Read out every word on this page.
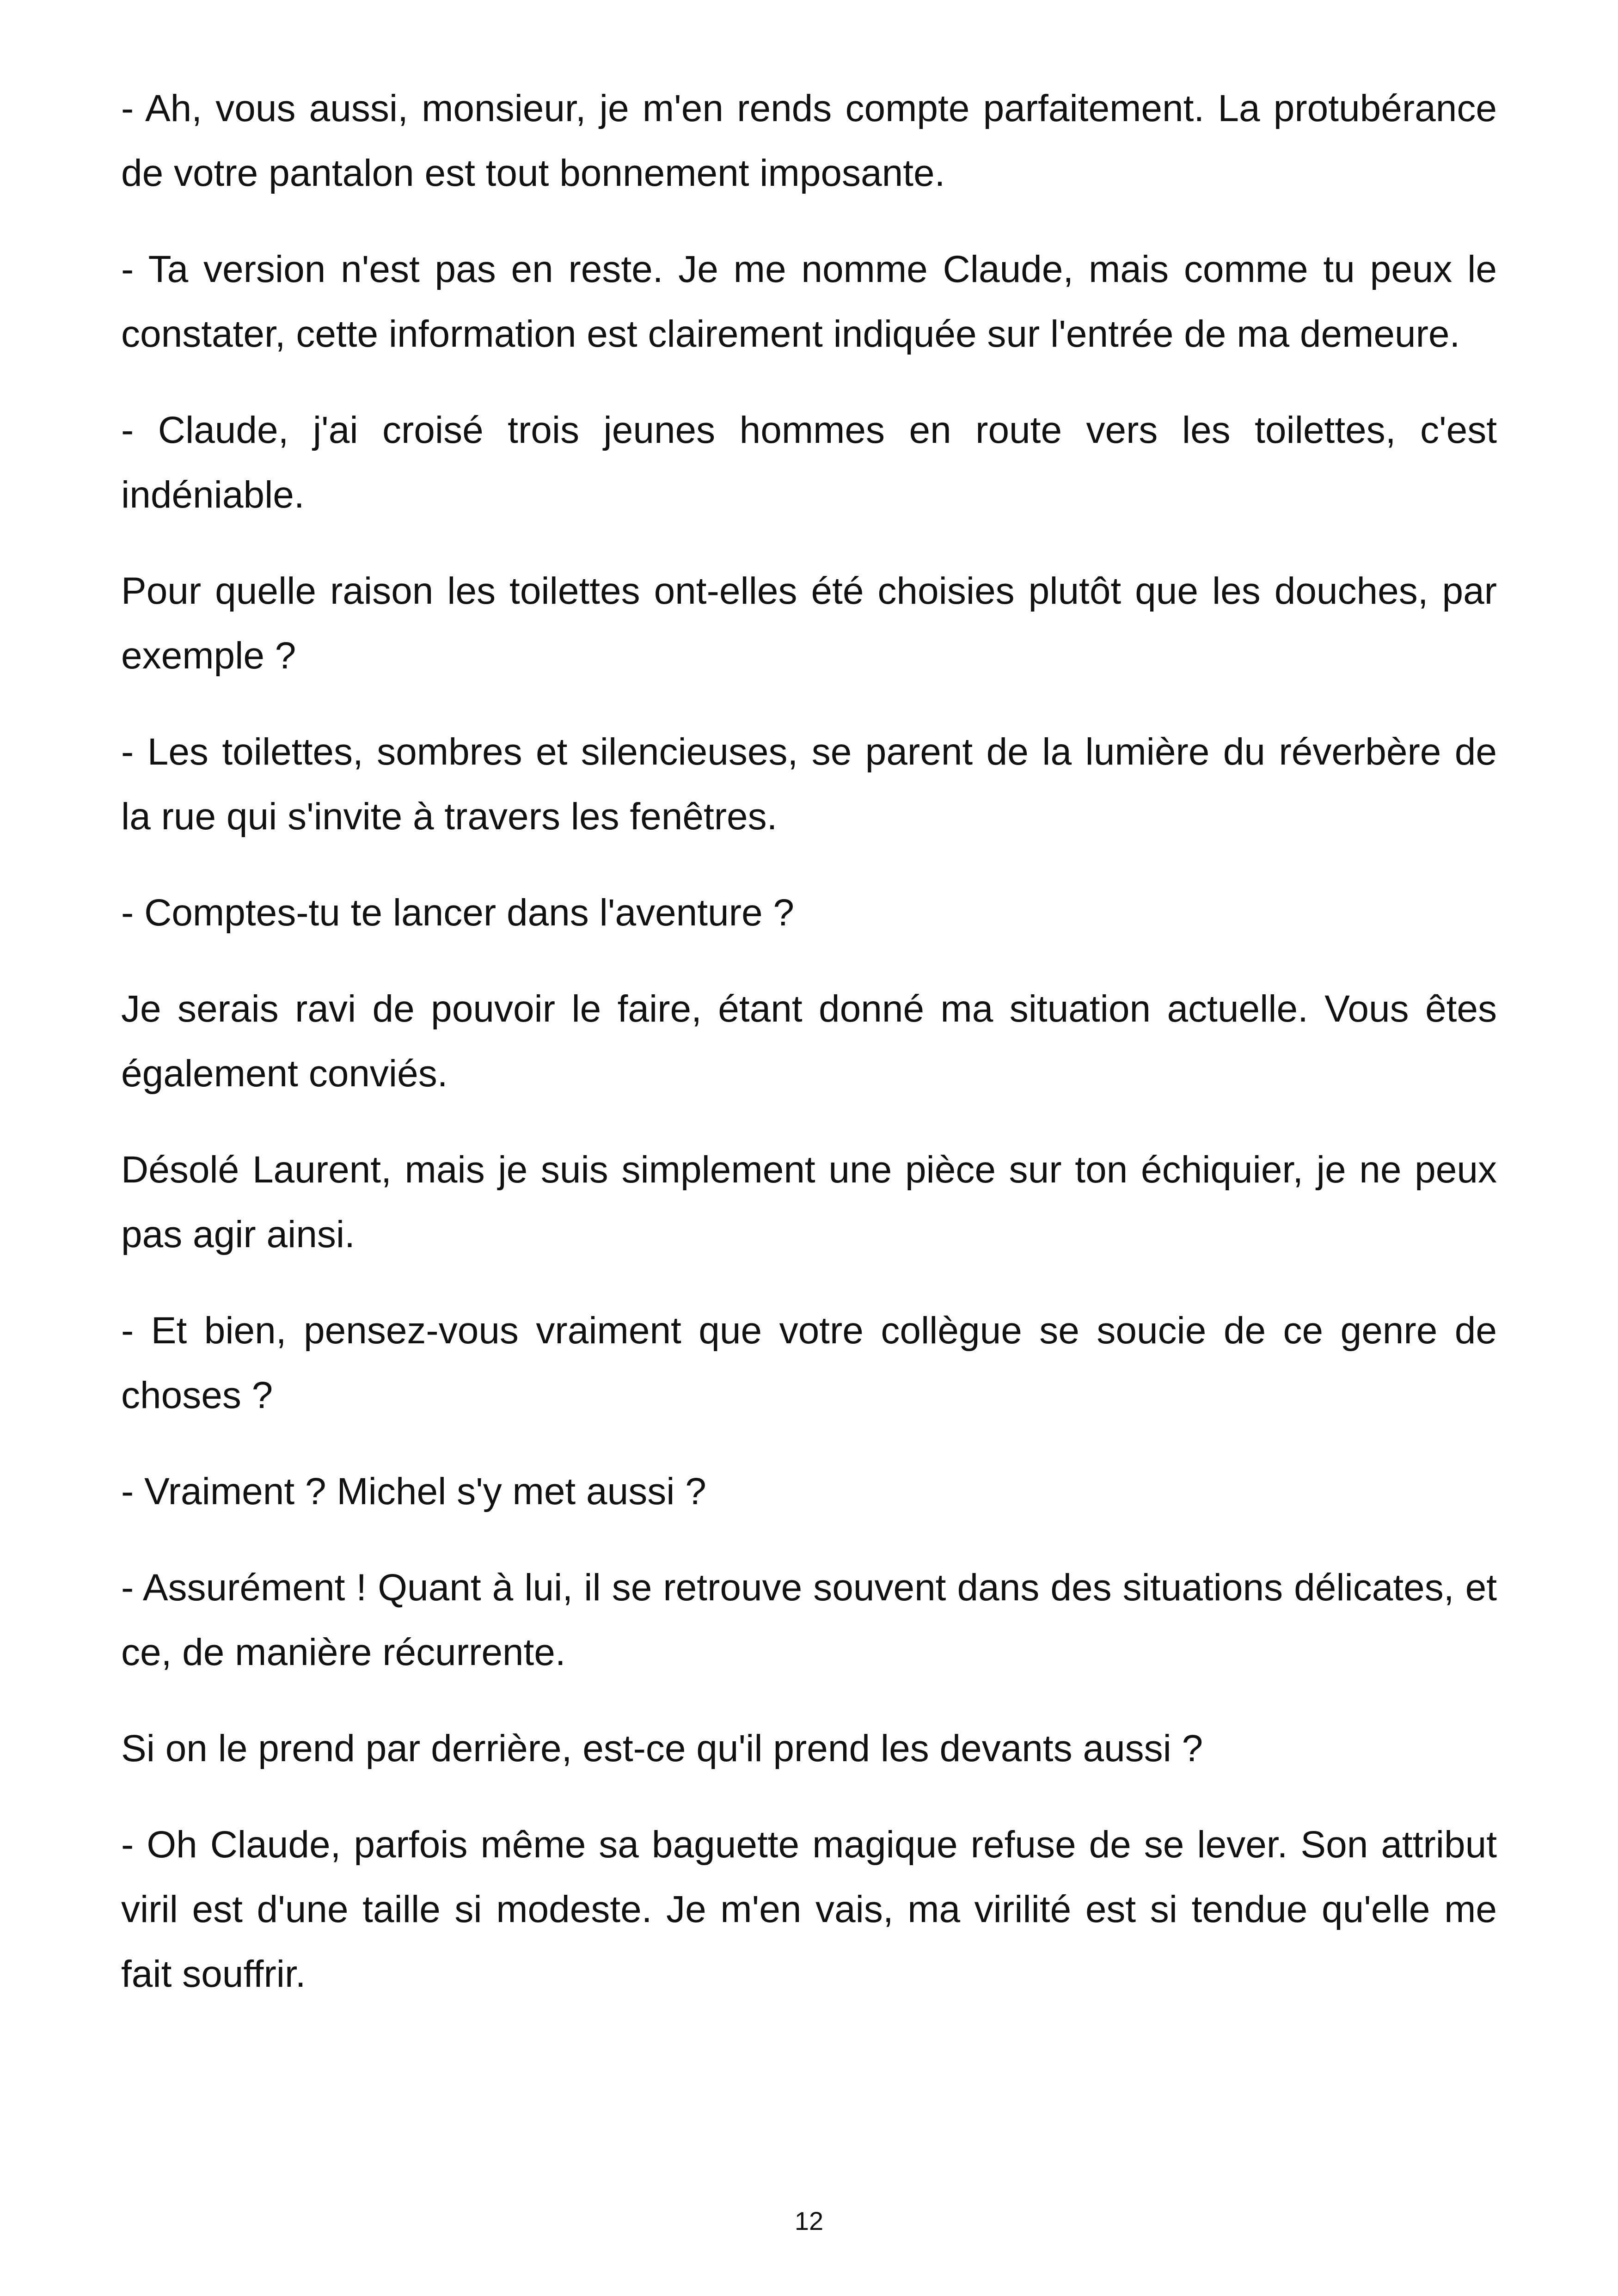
- Ah, vous aussi, monsieur, je m'en rends compte parfaitement. La protubérance de votre pantalon est tout bonnement imposante.

- Ta version n'est pas en reste. Je me nomme Claude, mais comme tu peux le constater, cette information est clairement indiquée sur l'entrée de ma demeure.

- Claude, j'ai croisé trois jeunes hommes en route vers les toilettes, c'est indéniable.

Pour quelle raison les toilettes ont-elles été choisies plutôt que les douches, par exemple ?

- Les toilettes, sombres et silencieuses, se parent de la lumière du réverbère de la rue qui s'invite à travers les fenêtres.

- Comptes-tu te lancer dans l'aventure ?

Je serais ravi de pouvoir le faire, étant donné ma situation actuelle. Vous êtes également conviés.

Désolé Laurent, mais je suis simplement une pièce sur ton échiquier, je ne peux pas agir ainsi.

- Et bien, pensez-vous vraiment que votre collègue se soucie de ce genre de choses ?

- Vraiment ? Michel s'y met aussi ?

- Assurément ! Quant à lui, il se retrouve souvent dans des situations délicates, et ce, de manière récurrente.

Si on le prend par derrière, est-ce qu'il prend les devants aussi ?

- Oh Claude, parfois même sa baguette magique refuse de se lever. Son attribut viril est d'une taille si modeste. Je m'en vais, ma virilité est si tendue qu'elle me fait souffrir.

12
